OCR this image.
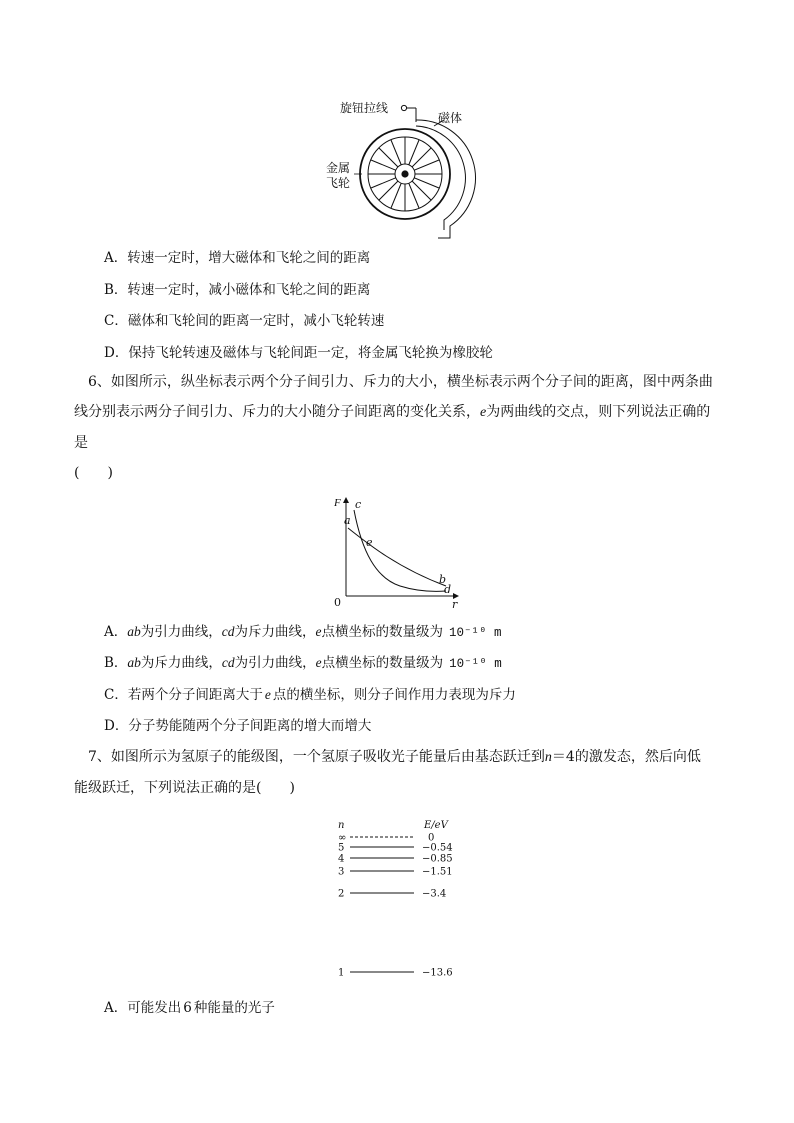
旋钮拉线
磁体
金属
飞轮
A．转速一定时，增大磁体和飞轮之间的距离
B．转速一定时，减小磁体和飞轮之间的距离
C．磁体和飞轮间的距离一定时，减小飞轮转速
D．保持飞轮转速及磁体与飞轮间距一定，将金属飞轮换为橡胶轮

6、如图所示，纵坐标表示两个分子间引力、斥力的大小，横坐标表示两个分子间的距离，图中两条曲

线分别表示两分子间引力、斥力的大小随分子间距离的变化关系，e为两曲线的交点，则下列说法正确的是

(　　)

F
r
0
a
c
e
b
d
A．ab为引力曲线，cd为斥力曲线，e点横坐标的数量级为 10⁻¹⁰ m
B．ab为斥力曲线，cd为引力曲线，e点横坐标的数量级为 10⁻¹⁰ m
C．若两个分子间距离大于 e 点的横坐标，则分子间作用力表现为斥力
D．分子势能随两个分子间距离的增大而增大

7、如图所示为氢原子的能级图，一个氢原子吸收光子能量后由基态跃迁到n＝4的激发态，然后向低

能级跃迁，下列说法正确的是(　　)

n	E/eV
∞	0
5	−0.54
4	−0.85
3	−1.51
2	−3.4
1	−13.6
A．可能发出 6 种能量的光子
